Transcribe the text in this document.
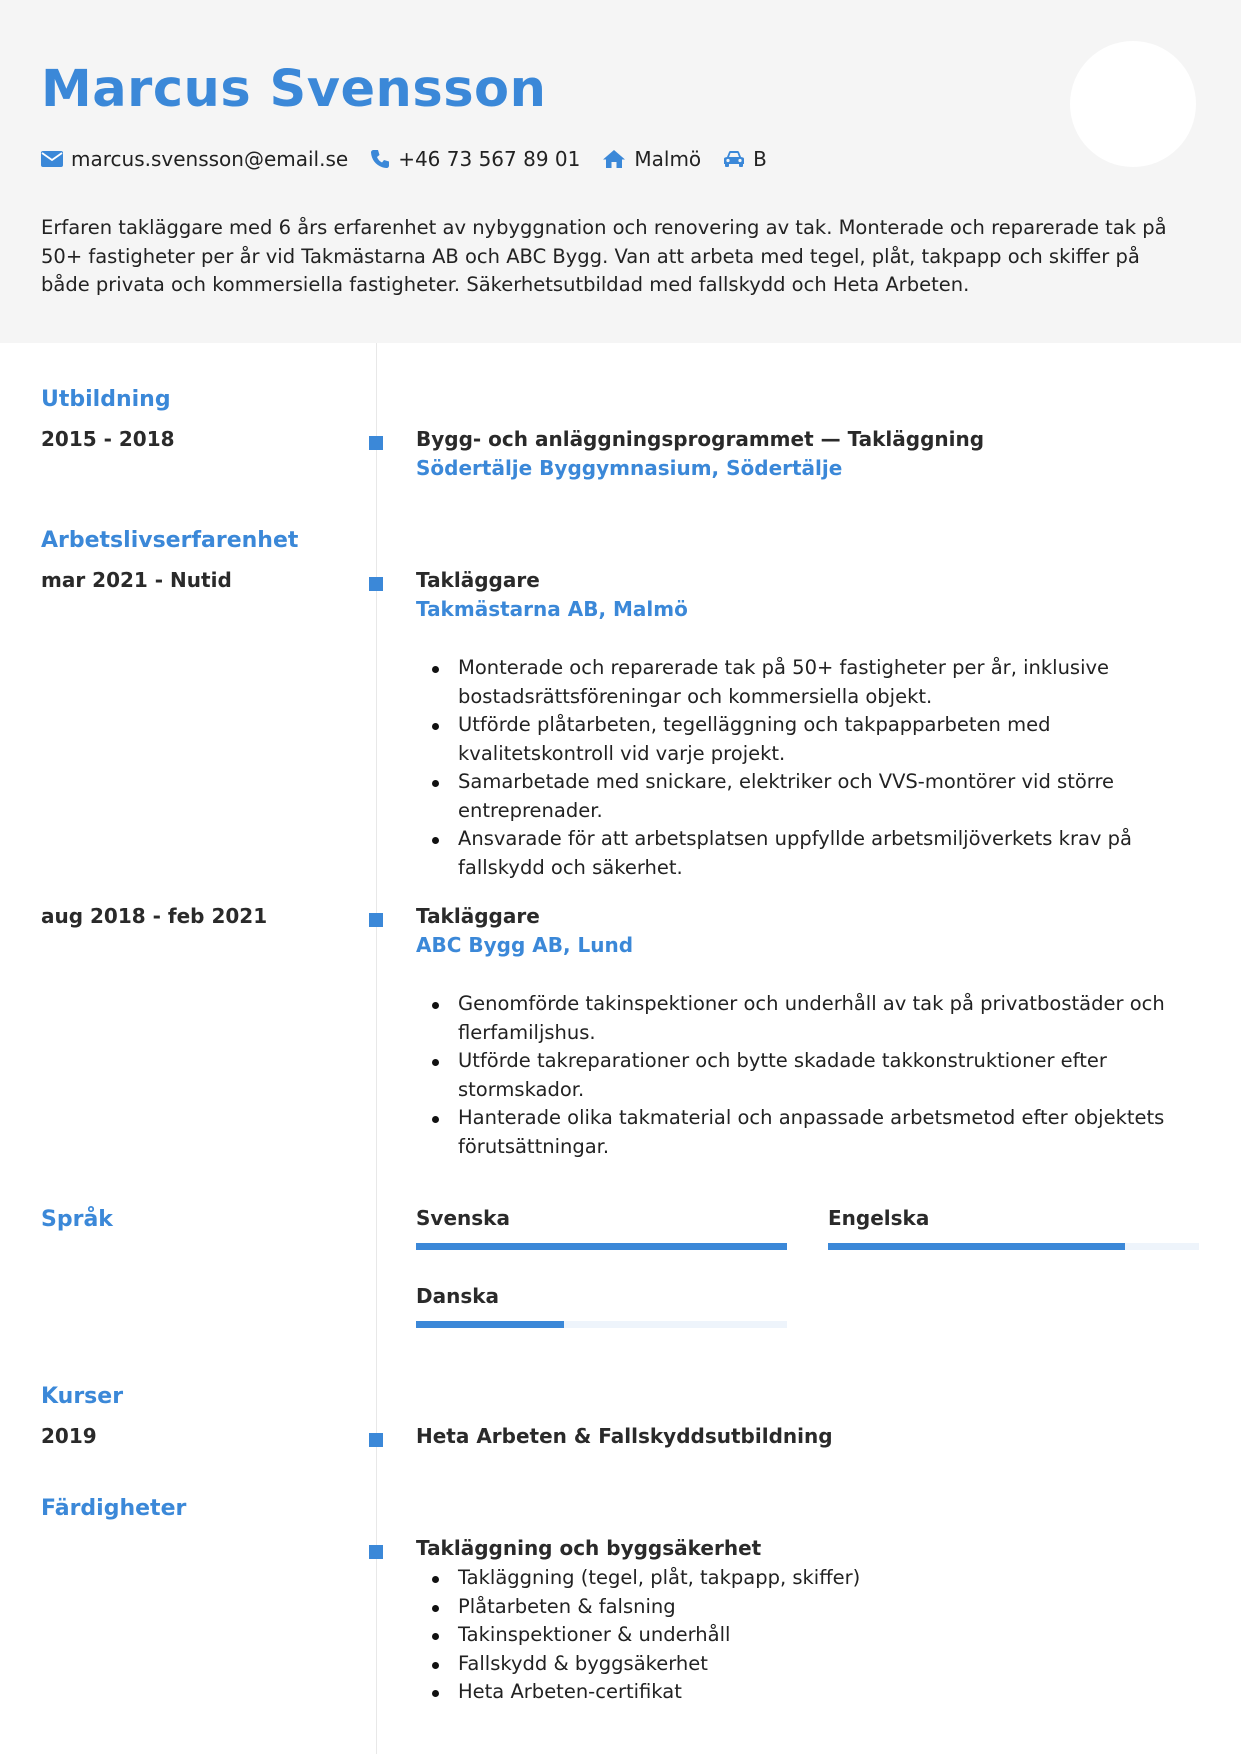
Marcus Svensson
marcus.svensson@email.se	+46 73 567 89 01	Malmö	B
Erfaren takläggare med 6 års erfarenhet av nybyggnation och renovering av tak. Monterade och reparerade tak på 50+ fastigheter per år vid Takmästarna AB och ABC Bygg. Van att arbeta med tegel, plåt, takpapp och skiffer på både privata och kommersiella fastigheter. Säkerhetsutbildad med fallskydd och Heta Arbeten.
Utbildning
2015 - 2018	Bygg- och anläggningsprogrammet — Takläggning
Södertälje Byggymnasium, Södertälje
Arbetslivserfarenhet
mar 2021 - Nutid	Takläggare
Takmästarna AB, Malmö
Monterade och reparerade tak på 50+ fastigheter per år, inklusive bostadsrättsföreningar och kommersiella objekt.
Utförde plåtarbeten, tegelläggning och takpapparbeten med kvalitetskontroll vid varje projekt.
Samarbetade med snickare, elektriker och VVS-montörer vid större entreprenader.
Ansvarade för att arbetsplatsen uppfyllde arbetsmiljöverkets krav på fallskydd och säkerhet.
aug 2018 - feb 2021	Takläggare
ABC Bygg AB, Lund
Genomförde takinspektioner och underhåll av tak på privatbostäder och flerfamiljshus.
Utförde takreparationer och bytte skadade takkonstruktioner efter stormskador.
Hanterade olika takmaterial och anpassade arbetsmetod efter objektets förutsättningar.
Språk	Svenska	Engelska
Danska
Kurser
2019	Heta Arbeten & Fallskyddsutbildning
Färdigheter
Takläggning och byggsäkerhet
Takläggning (tegel, plåt, takpapp, skiffer)
Plåtarbeten & falsning
Takinspektioner & underhåll
Fallskydd & byggsäkerhet
Heta Arbeten-certifikat
